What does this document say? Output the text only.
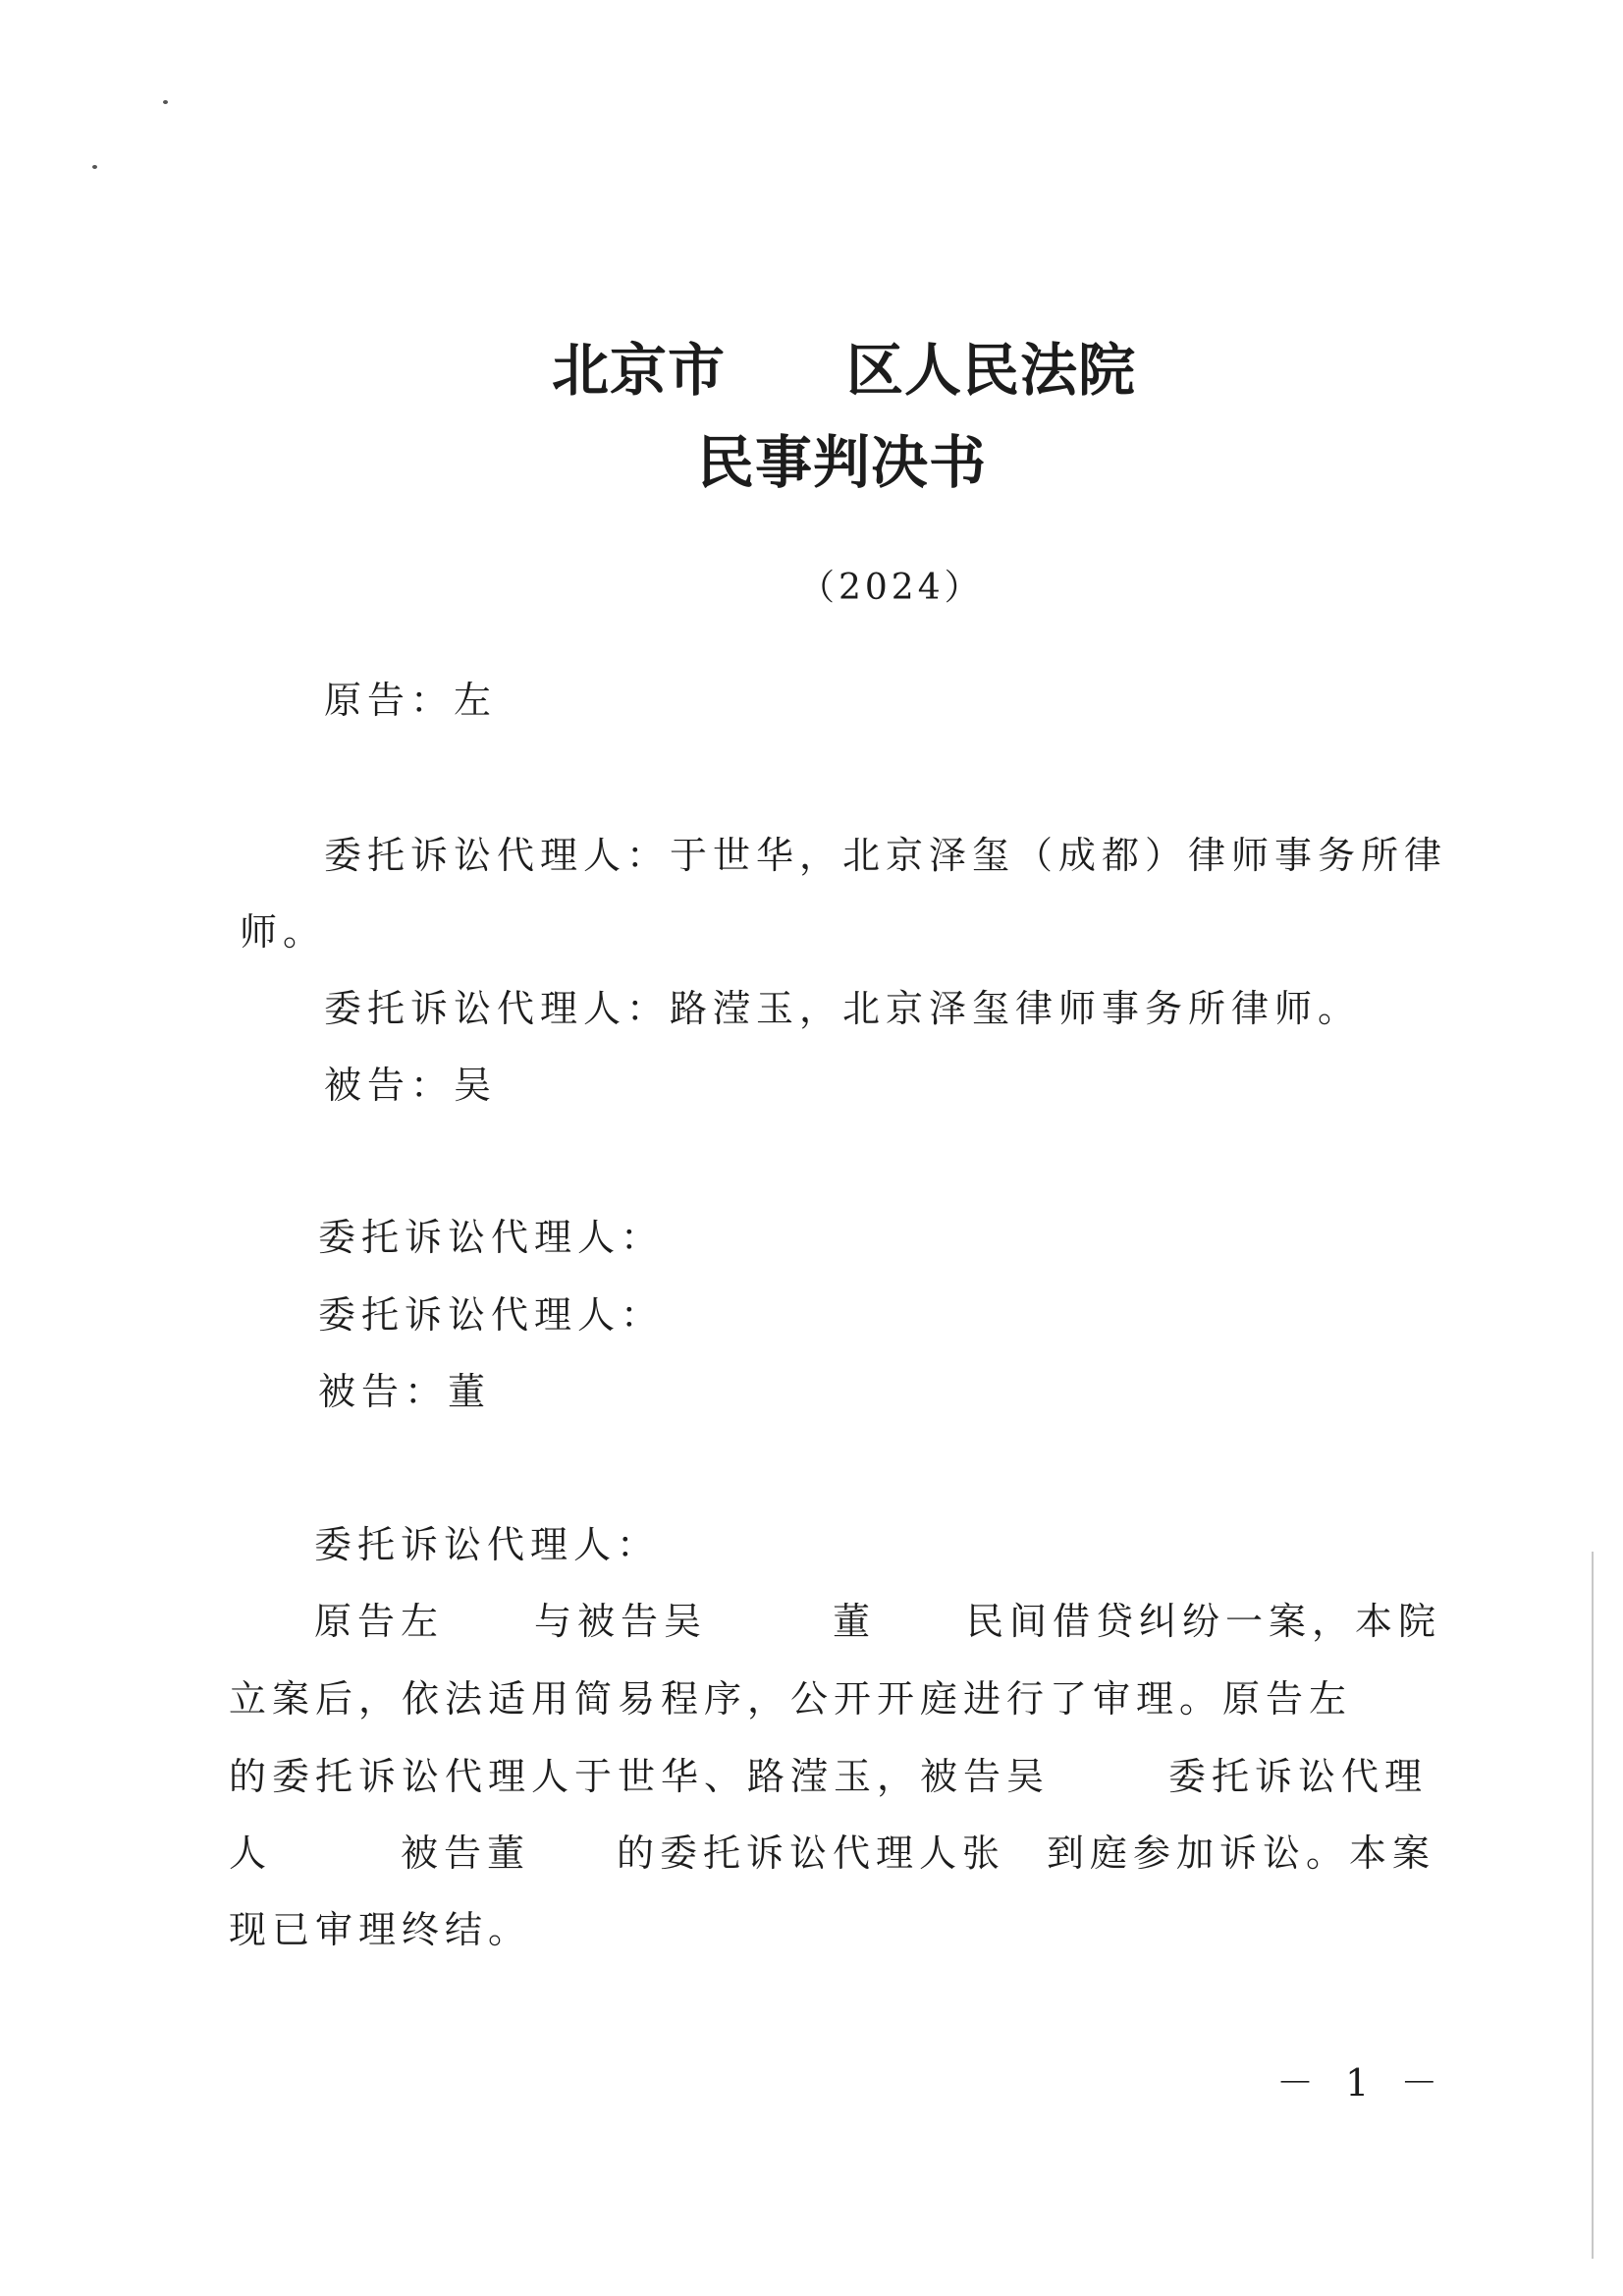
北京市 区人民法院
民事判决书
（2024）
原告：左
委托诉讼代理人：于世华，北京泽玺（成都）律师事务所律
师。
委托诉讼代理人：路滢玉，北京泽玺律师事务所律师。
被告：吴
委托诉讼代理人：
委托诉讼代理人：
被告：董
委托诉讼代理人：
原告左 与被告吴	董 民间借贷纠纷一案，本院
立案后，依法适用简易程序，公开开庭进行了审理。原告左
的委托诉讼代理人于世华、路滢玉，被告吴	委托诉讼代理
人	被告董 的委托诉讼代理人张 到庭参加诉讼。本案
现已审理终结。
－ 1 －
